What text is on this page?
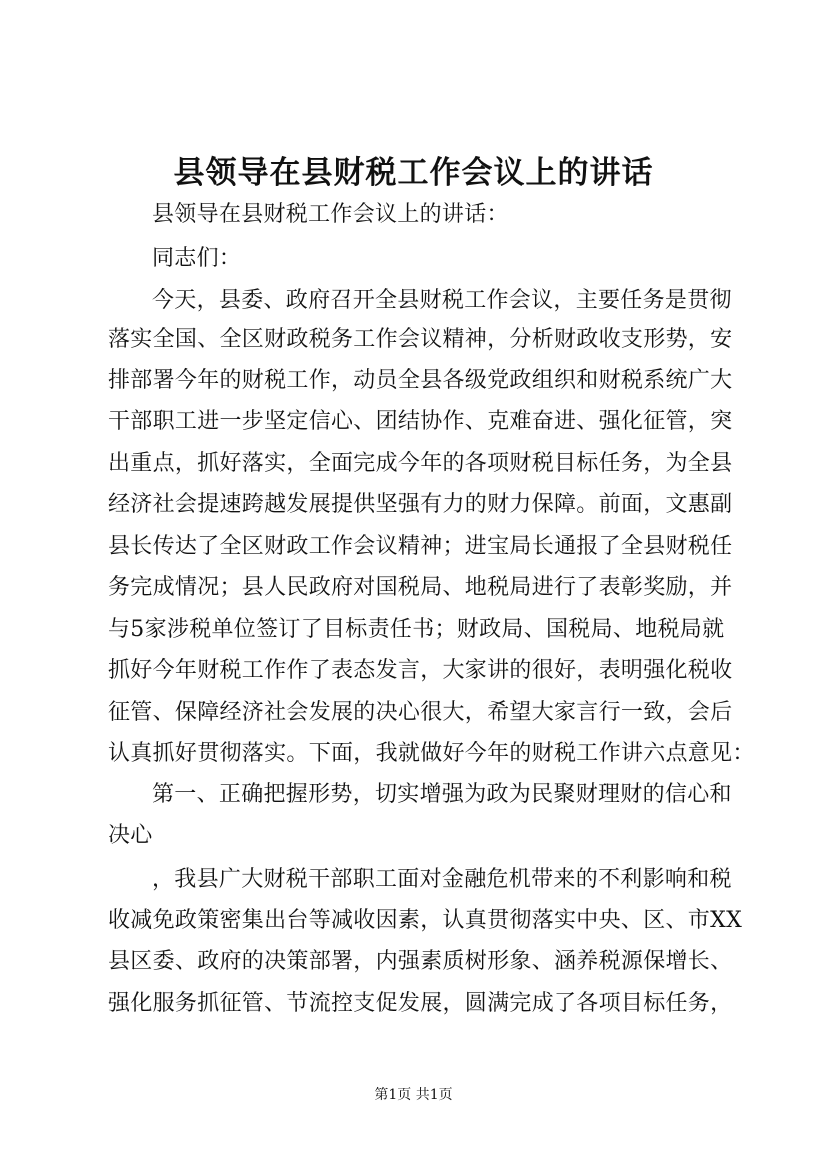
县领导在县财税工作会议上的讲话
县领导在县财税工作会议上的讲话：
同志们：
今天，县委、政府召开全县财税工作会议，主要任务是贯彻
落实全国、全区财政税务工作会议精神，分析财政收支形势，安
排部署今年的财税工作，动员全县各级党政组织和财税系统广大
干部职工进一步坚定信心、团结协作、克难奋进、强化征管，突
出重点，抓好落实，全面完成今年的各项财税目标任务，为全县
经济社会提速跨越发展提供坚强有力的财力保障。前面，文惠副
县长传达了全区财政工作会议精神；进宝局长通报了全县财税任
务完成情况；县人民政府对国税局、地税局进行了表彰奖励，并
与5家涉税单位签订了目标责任书；财政局、国税局、地税局就
抓好今年财税工作作了表态发言，大家讲的很好，表明强化税收
征管、保障经济社会发展的决心很大，希望大家言行一致，会后
认真抓好贯彻落实。下面，我就做好今年的财税工作讲六点意见：
第一、正确把握形势，切实增强为政为民聚财理财的信心和
决心
，我县广大财税干部职工面对金融危机带来的不利影响和税
收减免政策密集出台等减收因素，认真贯彻落实中央、区、市XX
县区委、政府的决策部署，内强素质树形象、涵养税源保增长、
强化服务抓征管、节流控支促发展，圆满完成了各项目标任务，
第1页 共1页
